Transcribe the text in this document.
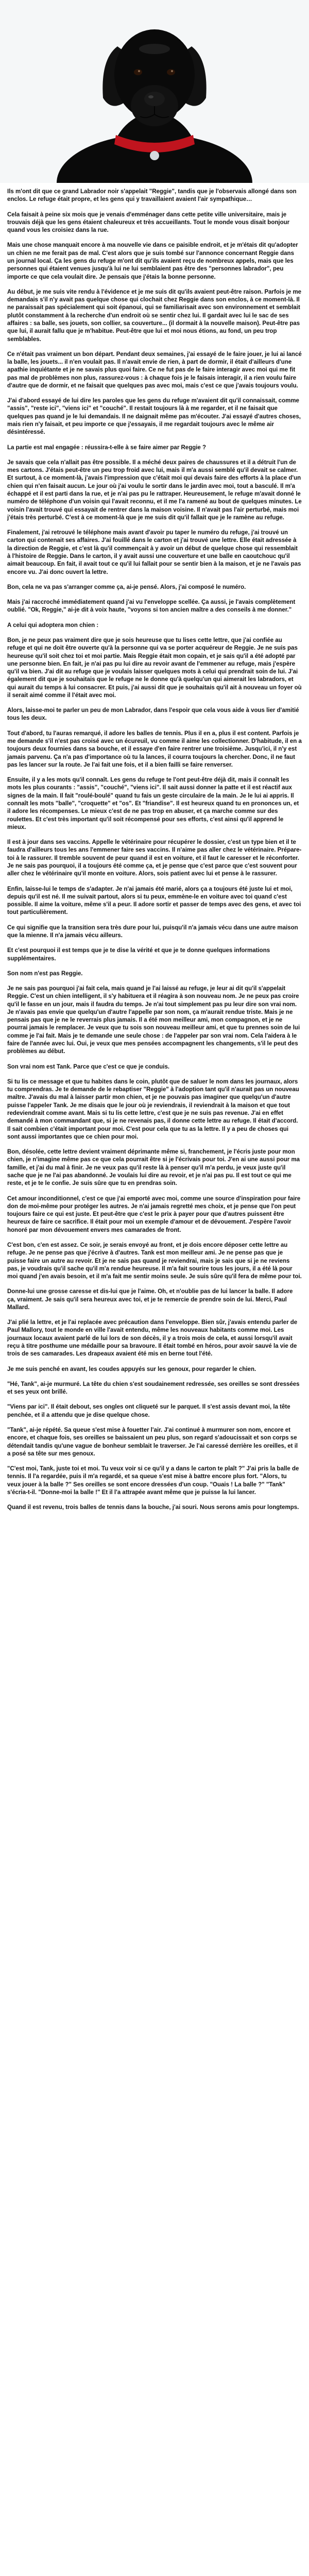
Ils m'ont dit que ce grand Labrador noir s'appelait "Reggie", tandis que je l'observais allongé dans son enclos. Le refuge était propre, et les gens qui y travaillaient avaient l'air sympathique…

Cela faisait à peine six mois que je venais d'emménager dans cette petite ville universitaire, mais je trouvais déjà que les gens étaient chaleureux et très accueillants. Tout le monde vous disait bonjour quand vous les croisiez dans la rue.

Mais une chose manquait encore à ma nouvelle vie dans ce paisible endroit, et je m'étais dit qu'adopter un chien ne me ferait pas de mal. C'est alors que je suis tombé sur l'annonce concernant Reggie dans un journal local. Ça les gens du refuge m'ont dit qu'ils avaient reçu de nombreux appels, mais que les personnes qui étaient venues jusqu'à lui ne lui semblaient pas être des "personnes labrador", peu importe ce que cela voulait dire. Je pensais que j'étais la bonne personne.

Au début, je me suis vite rendu à l'évidence et je me suis dit qu'ils avaient peut-être raison. Parfois je me demandais s'il n'y avait pas quelque chose qui clochait chez Reggie dans son enclos, à ce moment-là. Il ne paraissait pas spécialement qui soit épanoui, qui se familiarisait avec son environnement et semblait plutôt constamment à la recherche d'un endroit où se sentir chez lui. Il gardait avec lui le sac de ses affaires : sa balle, ses jouets, son collier, sa couverture... (il dormait à la nouvelle maison). Peut-être pas que lui, il aurait fallu que je m'habitue. Peut-être que lui et moi nous étions, au fond, un peu trop semblables.

Ce n'était pas vraiment un bon départ. Pendant deux semaines, j'ai essayé de le faire jouer, je lui ai lancé la balle, les jouets... il n'en voulait pas. Il n'avait envie de rien, à part de dormir, il était d'ailleurs d'une apathie inquiétante et je ne savais plus quoi faire. Ce ne fut pas de le faire interagir avec moi qui me fit pas mal de problèmes non plus, rassurez-vous : à chaque fois je le faisais interagir, il a rien voulu faire d'autre que de dormir, et ne faisait que quelques pas avec moi, mais c'est ce que j'avais toujours voulu.

J'ai d'abord essayé de lui dire les paroles que les gens du refuge m'avaient dit qu'il connaissait, comme "assis", "reste ici", "viens ici" et "couché". Il restait toujours là à me regarder, et il ne faisait que quelques pas quand je le lui demandais. Il ne daignait même pas m'écouter. J'ai essayé d'autres choses, mais rien n'y faisait, et peu importe ce que j'essayais, il me regardait toujours avec le même air désintéressé.

La partie est mal engagée : réussira-t-elle à se faire aimer par Reggie ?

Je savais que cela n'allait pas être possible. Il a méché deux paires de chaussures et il a détruit l'un de mes cartons. J'étais peut-être un peu trop froid avec lui, mais il m'a aussi semblé qu'il devait se calmer. Et surtout, à ce moment-là, j'avais l'impression que c'était moi qui devais faire des efforts à la place d'un chien qui n'en faisait aucun. Le jour où j'ai voulu le sortir dans le jardin avec moi, tout a basculé. Il m'a échappé et il est parti dans la rue, et je n'ai pas pu le rattraper. Heureusement, le refuge m'avait donné le numéro de téléphone d'un voisin qui l'avait reconnu, et il me l'a ramené au bout de quelques minutes. Le voisin l'avait trouvé qui essayait de rentrer dans la maison voisine. Il n'avait pas l'air perturbé, mais moi j'étais très perturbé. C'est à ce moment-là que je me suis dit qu'il fallait que je le ramène au refuge.

Finalement, j'ai retrouvé le téléphone mais avant d'avoir pu taper le numéro du refuge, j'ai trouvé un carton qui contenait ses affaires. J'ai fouillé dans le carton et j'ai trouvé une lettre. Elle était adressée à la direction de Reggie, et c'est là qu'il commençait à y avoir un début de quelque chose qui ressemblait à l'histoire de Reggie. Dans le carton, il y avait aussi une couverture et une balle en caoutchouc qu'il aimait beaucoup. En fait, il avait tout ce qu'il lui fallait pour se sentir bien à la maison, et je ne l'avais pas encore vu. J'ai donc ouvert la lettre.

Bon, cela ne va pas s'arranger comme ça, ai-je pensé. Alors, j'ai composé le numéro.

Mais j'ai raccroché immédiatement quand j'ai vu l'enveloppe scellée. Ça aussi, je l'avais complètement oublié. "Ok, Reggie," ai-je dit à voix haute, "voyons si ton ancien maître a des conseils à me donner."

A celui qui adoptera mon chien :

Bon, je ne peux pas vraiment dire que je sois heureuse que tu lises cette lettre, que j'ai confiée au refuge et qui ne doit être ouverte qu'à la personne qui va se porter acquéreur de Reggie. Je ne suis pas heureuse qu'il soit chez toi et moi partie. Mais Reggie était mon copain, et je sais qu'il a été adopté par une personne bien. En fait, je n'ai pas pu lui dire au revoir avant de l'emmener au refuge, mais j'espère qu'il va bien. J'ai dit au refuge que je voulais laisser quelques mots à celui qui prendrait soin de lui. J'ai également dit que je souhaitais que le refuge ne le donne qu'à quelqu'un qui aimerait les labradors, et qui aurait du temps à lui consacrer. Et puis, j'ai aussi dit que je souhaitais qu'il ait à nouveau un foyer où il serait aimé comme il l'était avec moi.

Alors, laisse-moi te parler un peu de mon Labrador, dans l'espoir que cela vous aide à vous lier d'amitié tous les deux.

Tout d'abord, tu l'auras remarqué, il adore les balles de tennis. Plus il en a, plus il est content. Parfois je me demande s'il n'est pas croisé avec un écureuil, vu comme il aime les collectionner. D'habitude, il en a toujours deux fournies dans sa bouche, et il essaye d'en faire rentrer une troisième. Jusqu'ici, il n'y est jamais parvenu. Ça n'a pas d'importance où tu la lances, il courra toujours la chercher. Donc, il ne faut pas les lancer sur la route. Je l'ai fait une fois, et il a bien failli se faire renverser.

Ensuite, il y a les mots qu'il connaît. Les gens du refuge te l'ont peut-être déjà dit, mais il connaît les mots les plus courants : "assis", "couché", "viens ici". Il sait aussi donner la patte et il est réactif aux signes de la main. Il fait "roulé-boulé" quand tu fais un geste circulaire de la main. Je le lui ai appris. Il connaît les mots "balle", "croquette" et "os". Et "friandise". Il est heureux quand tu en prononces un, et il adore les récompenses. Le mieux c'est de ne pas trop en abuser, et ça marche comme sur des roulettes. Et c'est très important qu'il soit récompensé pour ses efforts, c'est ainsi qu'il apprend le mieux.

Il est à jour dans ses vaccins. Appelle le vétérinaire pour récupérer le dossier, c'est un type bien et il te faudra d'ailleurs tous les ans l'emmener faire ses vaccins. Il n'aime pas aller chez le vétérinaire. Prépare-toi à le rassurer. Il tremble souvent de peur quand il est en voiture, et il faut le caresser et le réconforter. Je ne sais pas pourquoi, il a toujours été comme ça, et je pense que c'est parce que c'est souvent pour aller chez le vétérinaire qu'il monte en voiture. Alors, sois patient avec lui et pense à le rassurer.

Enfin, laisse-lui le temps de s'adapter. Je n'ai jamais été marié, alors ça a toujours été juste lui et moi, depuis qu'il est né. Il me suivait partout, alors si tu peux, emmène-le en voiture avec toi quand c'est possible. Il aime la voiture, même s'il a peur. Il adore sortir et passer de temps avec des gens, et avec toi tout particulièrement.

Ce qui signifie que la transition sera très dure pour lui, puisqu'il n'a jamais vécu dans une autre maison que la mienne. Il n'a jamais vécu ailleurs.

Et c'est pourquoi il est temps que je te dise la vérité et que je te donne quelques informations supplémentaires.

Son nom n'est pas Reggie.

Je ne sais pas pourquoi j'ai fait cela, mais quand je l'ai laissé au refuge, je leur ai dit qu'il s'appelait Reggie. C'est un chien intelligent, il s'y habituera et il réagira à son nouveau nom. Je ne peux pas croire qu'il le fasse en un jour, mais il faudra du temps. Je n'ai tout simplement pas pu leur dire son vrai nom. Je n'avais pas envie que quelqu'un d'autre l'appelle par son nom, ça m'aurait rendue triste. Mais je ne pensais pas que je ne le reverrais plus jamais. Il a été mon meilleur ami, mon compagnon, et je ne pourrai jamais le remplacer. Je veux que tu sois son nouveau meilleur ami, et que tu prennes soin de lui comme je l'ai fait. Mais je te demande une seule chose : de l'appeler par son vrai nom. Cela l'aidera à le faire de l'année avec lui. Oui, je veux que mes pensées accompagnent les changements, s'il le peut des problèmes au début.

Son vrai nom est Tank. Parce que c'est ce que je conduis.

Si tu lis ce message et que tu habites dans le coin, plutôt que de saluer le nom dans les journaux, alors tu comprendras. Je te demande de le rebaptiser "Reggie" à l'adoption tant qu'il n'aurait pas un nouveau maître. J'avais du mal à laisser partir mon chien, et je ne pouvais pas imaginer que quelqu'un d'autre puisse l'appeler Tank. Je me disais que le jour où je reviendrais, il reviendrait à la maison et que tout redeviendrait comme avant. Mais si tu lis cette lettre, c'est que je ne suis pas revenue. J'ai en effet demandé à mon commandant que, si je ne revenais pas, il donne cette lettre au refuge. Il était d'accord. Il sait combien c'était important pour moi. C'est pour cela que tu as la lettre. Il y a peu de choses qui sont aussi importantes que ce chien pour moi.

Bon, désolée, cette lettre devient vraiment déprimante même si, franchement, je l'écris juste pour mon chien, je n'imagine même pas ce que cela pourrait être si je l'écrivais pour toi. J'en ai une aussi pour ma famille, et j'ai du mal à finir. Je ne veux pas qu'il reste là à penser qu'il m'a perdu, je veux juste qu'il sache que je ne l'ai pas abandonné. Je voulais lui dire au revoir, et je n'ai pas pu. Il est tout ce qui me reste, et je te le confie. Je suis sûre que tu en prendras soin.

Cet amour inconditionnel, c'est ce que j'ai emporté avec moi, comme une source d'inspiration pour faire don de moi-même pour protéger les autres. Je n'ai jamais regretté mes choix, et je pense que l'on peut toujours faire ce qui est juste. Et peut-être que c'est le prix à payer pour que d'autres puissent être heureux de faire ce sacrifice. Il était pour moi un exemple d'amour et de dévouement. J'espère l'avoir honoré par mon dévouement envers mes camarades de front.

C'est bon, c'en est assez. Ce soir, je serais envoyé au front, et je dois encore déposer cette lettre au refuge. Je ne pense pas que j'écrive à d'autres. Tank est mon meilleur ami. Je ne pense pas que je puisse faire un autre au revoir. Et je ne sais pas quand je reviendrai, mais je sais que si je ne reviens pas, je voudrais qu'il sache qu'il m'a rendue heureuse. Il m'a fait sourire tous les jours, il a été là pour moi quand j'en avais besoin, et il m'a fait me sentir moins seule. Je suis sûre qu'il fera de même pour toi.

Donne-lui une grosse caresse et dis-lui que je l'aime. Oh, et n'oublie pas de lui lancer la balle. Il adore ça, vraiment. Je sais qu'il sera heureux avec toi, et je te remercie de prendre soin de lui. Merci, Paul Mallard.

J'ai plié la lettre, et je l'ai replacée avec précaution dans l'enveloppe. Bien sûr, j'avais entendu parler de Paul Mallory, tout le monde en ville l'avait entendu, même les nouveaux habitants comme moi. Les journaux locaux avaient parlé de lui lors de son décès, il y a trois mois de cela, et aussi lorsqu'il avait reçu à titre posthume une médaille pour sa bravoure. Il était tombé en héros, pour avoir sauvé la vie de trois de ses camarades. Les drapeaux avaient été mis en berne tout l'été.

Je me suis penché en avant, les coudes appuyés sur les genoux, pour regarder le chien.

"Hé, Tank", ai-je murmuré. La tête du chien s'est soudainement redressée, ses oreilles se sont dressées et ses yeux ont brillé.

"Viens par ici". Il était debout, ses ongles ont cliqueté sur le parquet. Il s'est assis devant moi, la tête penchée, et il a attendu que je dise quelque chose.

"Tank", ai-je répété. Sa queue s'est mise à fouetter l'air. J'ai continué à murmurer son nom, encore et encore, et chaque fois, ses oreilles se baissaient un peu plus, son regard s'adoucissait et son corps se détendait tandis qu'une vague de bonheur semblait le traverser. Je l'ai caressé derrière les oreilles, et il a posé sa tête sur mes genoux.

"C'est moi, Tank, juste toi et moi. Tu veux voir si ce qu'il y a dans le carton te plaît ?" J'ai pris la balle de tennis. Il l'a regardée, puis il m'a regardé, et sa queue s'est mise à battre encore plus fort. "Alors, tu veux jouer à la balle ?" Ses oreilles se sont encore dressées d'un coup. "Ouais ! La balle ?" "Tank" s'écria-t-il. "Donne-moi la balle !" Et il l'a attrapée avant même que je puisse la lui lancer.

Quand il est revenu, trois balles de tennis dans la bouche, j'ai souri. Nous serons amis pour longtemps.
